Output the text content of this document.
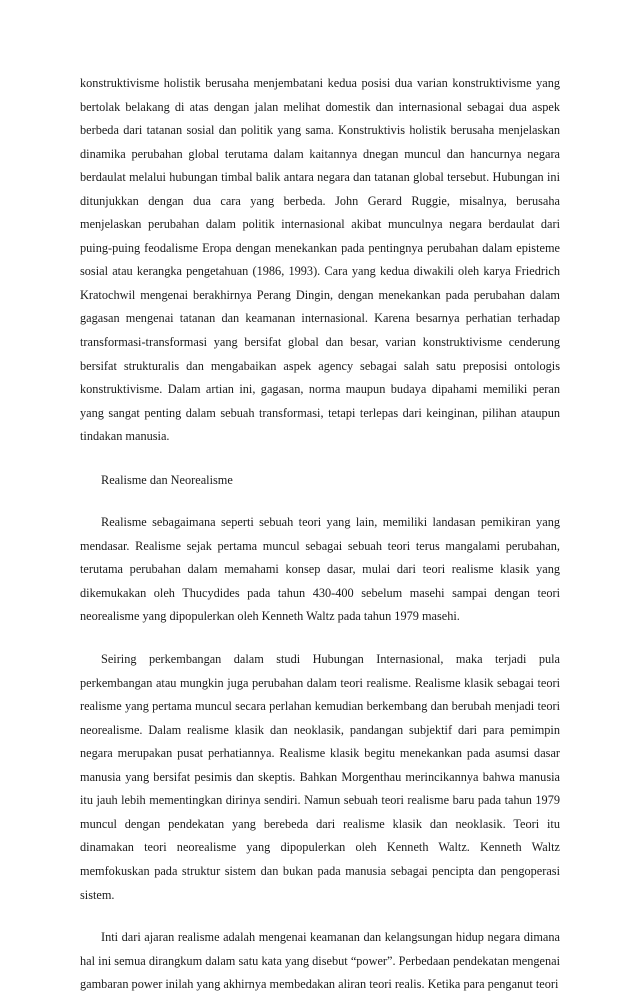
konstruktivisme holistik berusaha menjembatani kedua posisi dua varian konstruktivisme yang bertolak belakang di atas dengan jalan melihat domestik dan internasional sebagai dua aspek berbeda dari tatanan sosial dan politik yang sama. Konstruktivis holistik berusaha menjelaskan dinamika perubahan global terutama dalam kaitannya dnegan muncul dan hancurnya negara berdaulat melalui hubungan timbal balik antara negara dan tatanan global tersebut. Hubungan ini ditunjukkan dengan dua cara yang berbeda. John Gerard Ruggie, misalnya, berusaha menjelaskan perubahan dalam politik internasional akibat munculnya negara berdaulat dari puing-puing feodalisme Eropa dengan menekankan pada pentingnya perubahan dalam episteme sosial atau kerangka pengetahuan (1986, 1993). Cara yang kedua diwakili oleh karya Friedrich Kratochwil mengenai berakhirnya Perang Dingin, dengan menekankan pada perubahan dalam gagasan mengenai tatanan dan keamanan internasional. Karena besarnya perhatian terhadap transformasi-transformasi yang bersifat global dan besar, varian konstruktivisme cenderung bersifat strukturalis dan mengabaikan aspek agency sebagai salah satu preposisi ontologis konstruktivisme. Dalam artian ini, gagasan, norma maupun budaya dipahami memiliki peran yang sangat penting dalam sebuah transformasi, tetapi terlepas dari keinginan, pilihan ataupun tindakan manusia.

Realisme dan Neorealisme

Realisme sebagaimana seperti sebuah teori yang lain, memiliki landasan pemikiran yang mendasar. Realisme sejak pertama muncul sebagai sebuah teori terus mangalami perubahan, terutama perubahan dalam memahami konsep dasar, mulai dari teori realisme klasik yang dikemukakan oleh Thucydides pada tahun 430-400 sebelum masehi sampai dengan teori neorealisme yang dipopulerkan oleh Kenneth Waltz pada tahun 1979 masehi.

Seiring perkembangan dalam studi Hubungan Internasional, maka terjadi pula perkembangan atau mungkin juga perubahan dalam teori realisme. Realisme klasik sebagai teori realisme yang pertama muncul secara perlahan kemudian berkembang dan berubah menjadi teori neorealisme. Dalam realisme klasik dan neoklasik, pandangan subjektif dari para pemimpin negara merupakan pusat perhatiannya. Realisme klasik begitu menekankan pada asumsi dasar manusia yang bersifat pesimis dan skeptis. Bahkan Morgenthau merincikannya bahwa manusia itu jauh lebih mementingkan dirinya sendiri. Namun sebuah teori realisme baru pada tahun 1979 muncul dengan pendekatan yang berebeda dari realisme klasik dan neoklasik. Teori itu dinamakan teori neorealisme yang dipopulerkan oleh Kenneth Waltz. Kenneth Waltz memfokuskan pada struktur sistem dan bukan pada manusia sebagai pencipta dan pengoperasi sistem.

Inti dari ajaran realisme adalah mengenai keamanan dan kelangsungan hidup negara dimana hal ini semua dirangkum dalam satu kata yang disebut “power”. Perbedaan pendekatan mengenai gambaran power inilah yang akhirnya membedakan aliran teori realis. Ketika para penganut teori
